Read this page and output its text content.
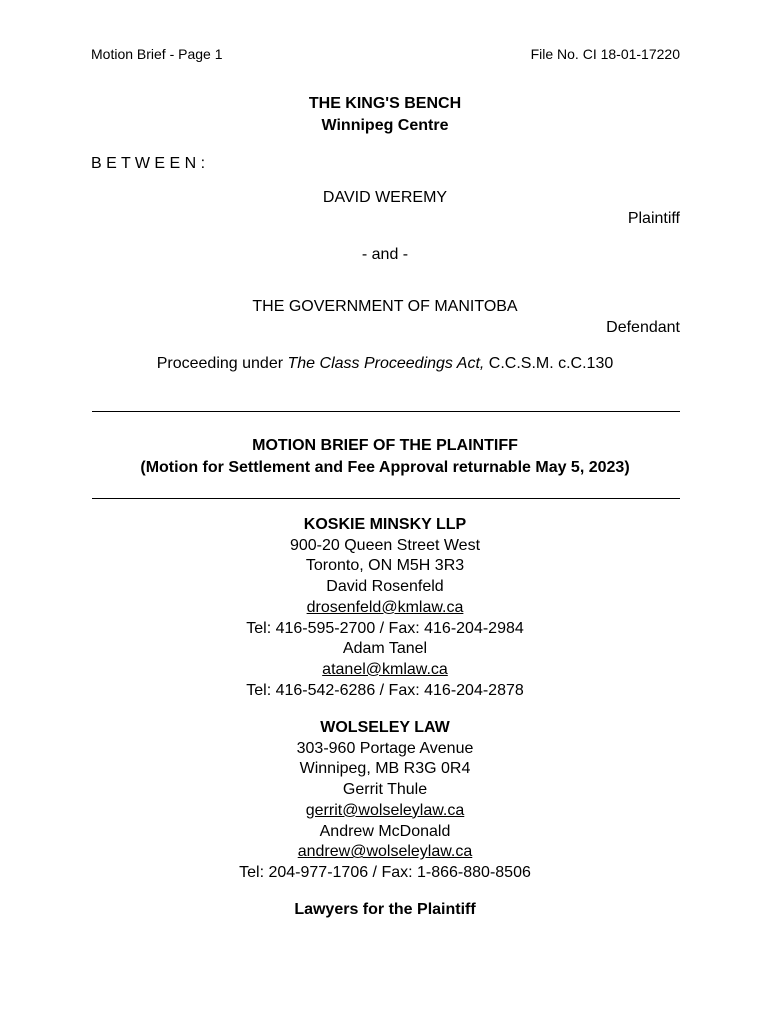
Motion Brief - Page 1	File No. CI 18-01-17220
THE KING'S BENCH
Winnipeg Centre
B E T W E E N :
DAVID WEREMY
Plaintiff
- and -
THE GOVERNMENT OF MANITOBA
Defendant
Proceeding under The Class Proceedings Act, C.C.S.M. c.C.130
MOTION BRIEF OF THE PLAINTIFF
(Motion for Settlement and Fee Approval returnable May 5, 2023)
KOSKIE MINSKY LLP
900-20 Queen Street West
Toronto, ON M5H 3R3
David Rosenfeld
drosenfeld@kmlaw.ca
Tel: 416-595-2700 / Fax: 416-204-2984
Adam Tanel
atanel@kmlaw.ca
Tel: 416-542-6286 / Fax: 416-204-2878
WOLSELEY LAW
303-960 Portage Avenue
Winnipeg, MB R3G 0R4
Gerrit Thule
gerrit@wolseleylaw.ca
Andrew McDonald
andrew@wolseleylaw.ca
Tel: 204-977-1706 / Fax: 1-866-880-8506
Lawyers for the Plaintiff
